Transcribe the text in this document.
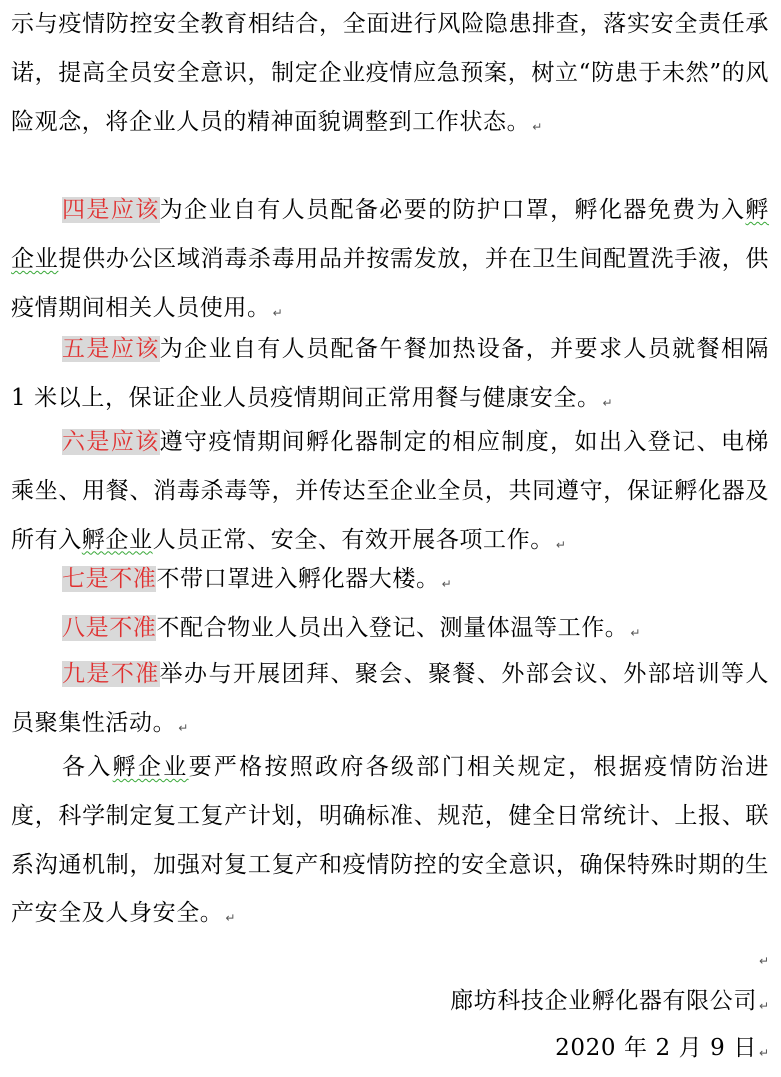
示与疫情防控安全教育相结合，全面进行风险隐患排查，落实安全责任承诺，提高全员安全意识，制定企业疫情应急预案，树立“防患于未然”的风险观念，将企业人员的精神面貌调整到工作状态。 ↵

四是应该为企业自有人员配备必要的防护口罩，孵化器免费为入孵企业提供办公区域消毒杀毒用品并按需发放，并在卫生间配置洗手液，供疫情期间相关人员使用。 ↵

五是应该为企业自有人员配备午餐加热设备，并要求人员就餐相隔 1 米以上，保证企业人员疫情期间正常用餐与健康安全。 ↵

六是应该遵守疫情期间孵化器制定的相应制度，如出入登记、电梯乘坐、用餐、消毒杀毒等，并传达至企业全员，共同遵守，保证孵化器及所有入孵企业人员正常、安全、有效开展各项工作。 ↵

七是不准不带口罩进入孵化器大楼。 ↵

八是不准不配合物业人员出入登记、测量体温等工作。 ↵

九是不准举办与开展团拜、聚会、聚餐、外部会议、外部培训等人员聚集性活动。 ↵

各入孵企业要严格按照政府各级部门相关规定，根据疫情防治进度，科学制定复工复产计划，明确标准、规范，健全日常统计、上报、联系沟通机制，加强对复工复产和疫情防控的安全意识，确保特殊时期的生产安全及人身安全。 ↵

↵
廊坊科技企业孵化器有限公司 ↵
2020 年 2 月 9 日 ↵
